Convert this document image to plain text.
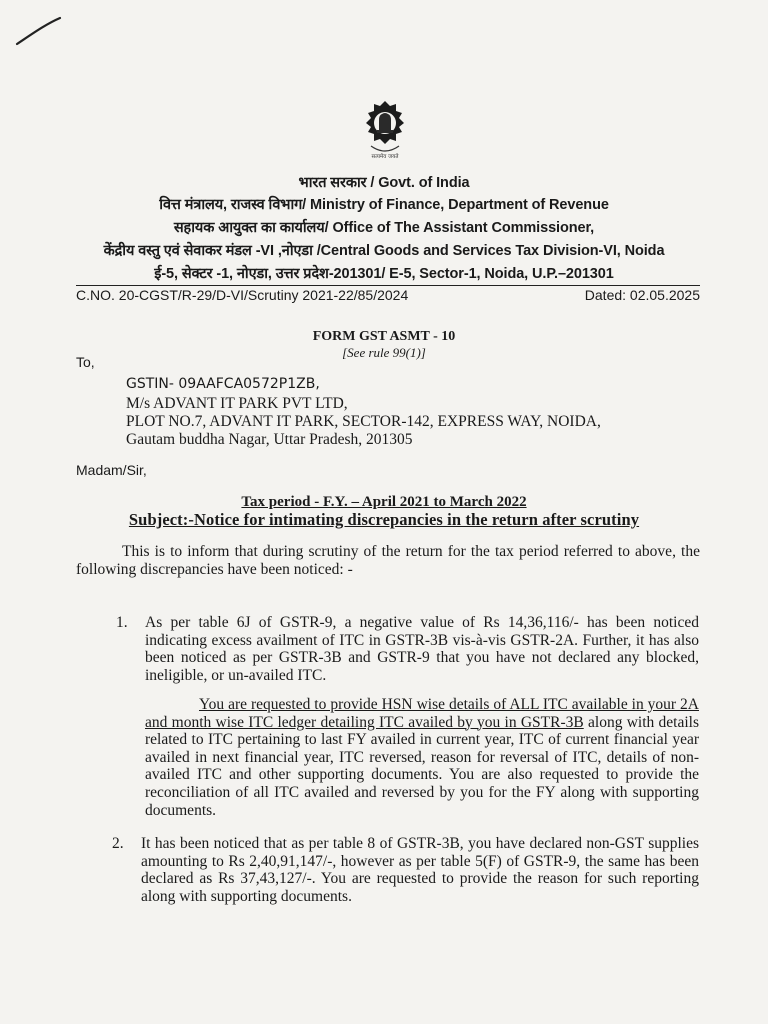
सत्यमेव जयते
भारत सरकार / Govt. of India
वित्त मंत्रालय, राजस्व विभाग/ Ministry of Finance, Department of Revenue
सहायक आयुक्त का कार्यालय/ Office of The Assistant Commissioner,
केंद्रीय वस्तु एवं सेवाकर मंडल -VI ,नोएडा /Central Goods and Services Tax Division-VI, Noida
ई-5, सेक्टर -1, नोएडा, उत्तर प्रदेश-201301/ E-5, Sector-1, Noida, U.P.–201301
C.NO. 20-CGST/R-29/D-VI/Scrutiny 2021-22/85/2024	Dated: 02.05.2025
FORM GST ASMT - 10
[See rule 99(1)]
To,
GSTIN- 09AAFCA0572P1ZB,
M/s ADVANT IT PARK PVT LTD,
PLOT NO.7, ADVANT IT PARK, SECTOR-142, EXPRESS WAY, NOIDA,
Gautam buddha Nagar, Uttar Pradesh, 201305
Madam/Sir,
Tax period - F.Y. – April 2021 to March 2022
Subject:-Notice for intimating discrepancies in the return after scrutiny

This is to inform that during scrutiny of the return for the tax period referred to above, the following discrepancies have been noticed: -

1. As per table 6J of GSTR-9, a negative value of Rs 14,36,116/- has been noticed indicating excess availment of ITC in GSTR-3B vis-à-vis GSTR-2A. Further, it has also been noticed as per GSTR-3B and GSTR-9 that you have not declared any blocked, ineligible, or un-availed ITC.

You are requested to provide HSN wise details of ALL ITC available in your 2A and month wise ITC ledger detailing ITC availed by you in GSTR-3B along with details related to ITC pertaining to last FY availed in current year, ITC of current financial year availed in next financial year, ITC reversed, reason for reversal of ITC, details of non-availed ITC and other supporting documents. You are also requested to provide the reconciliation of all ITC availed and reversed by you for the FY along with supporting documents.

2. It has been noticed that as per table 8 of GSTR-3B, you have declared non-GST supplies amounting to Rs 2,40,91,147/-, however as per table 5(F) of GSTR-9, the same has been declared as Rs 37,43,127/-. You are requested to provide the reason for such reporting along with supporting documents.
